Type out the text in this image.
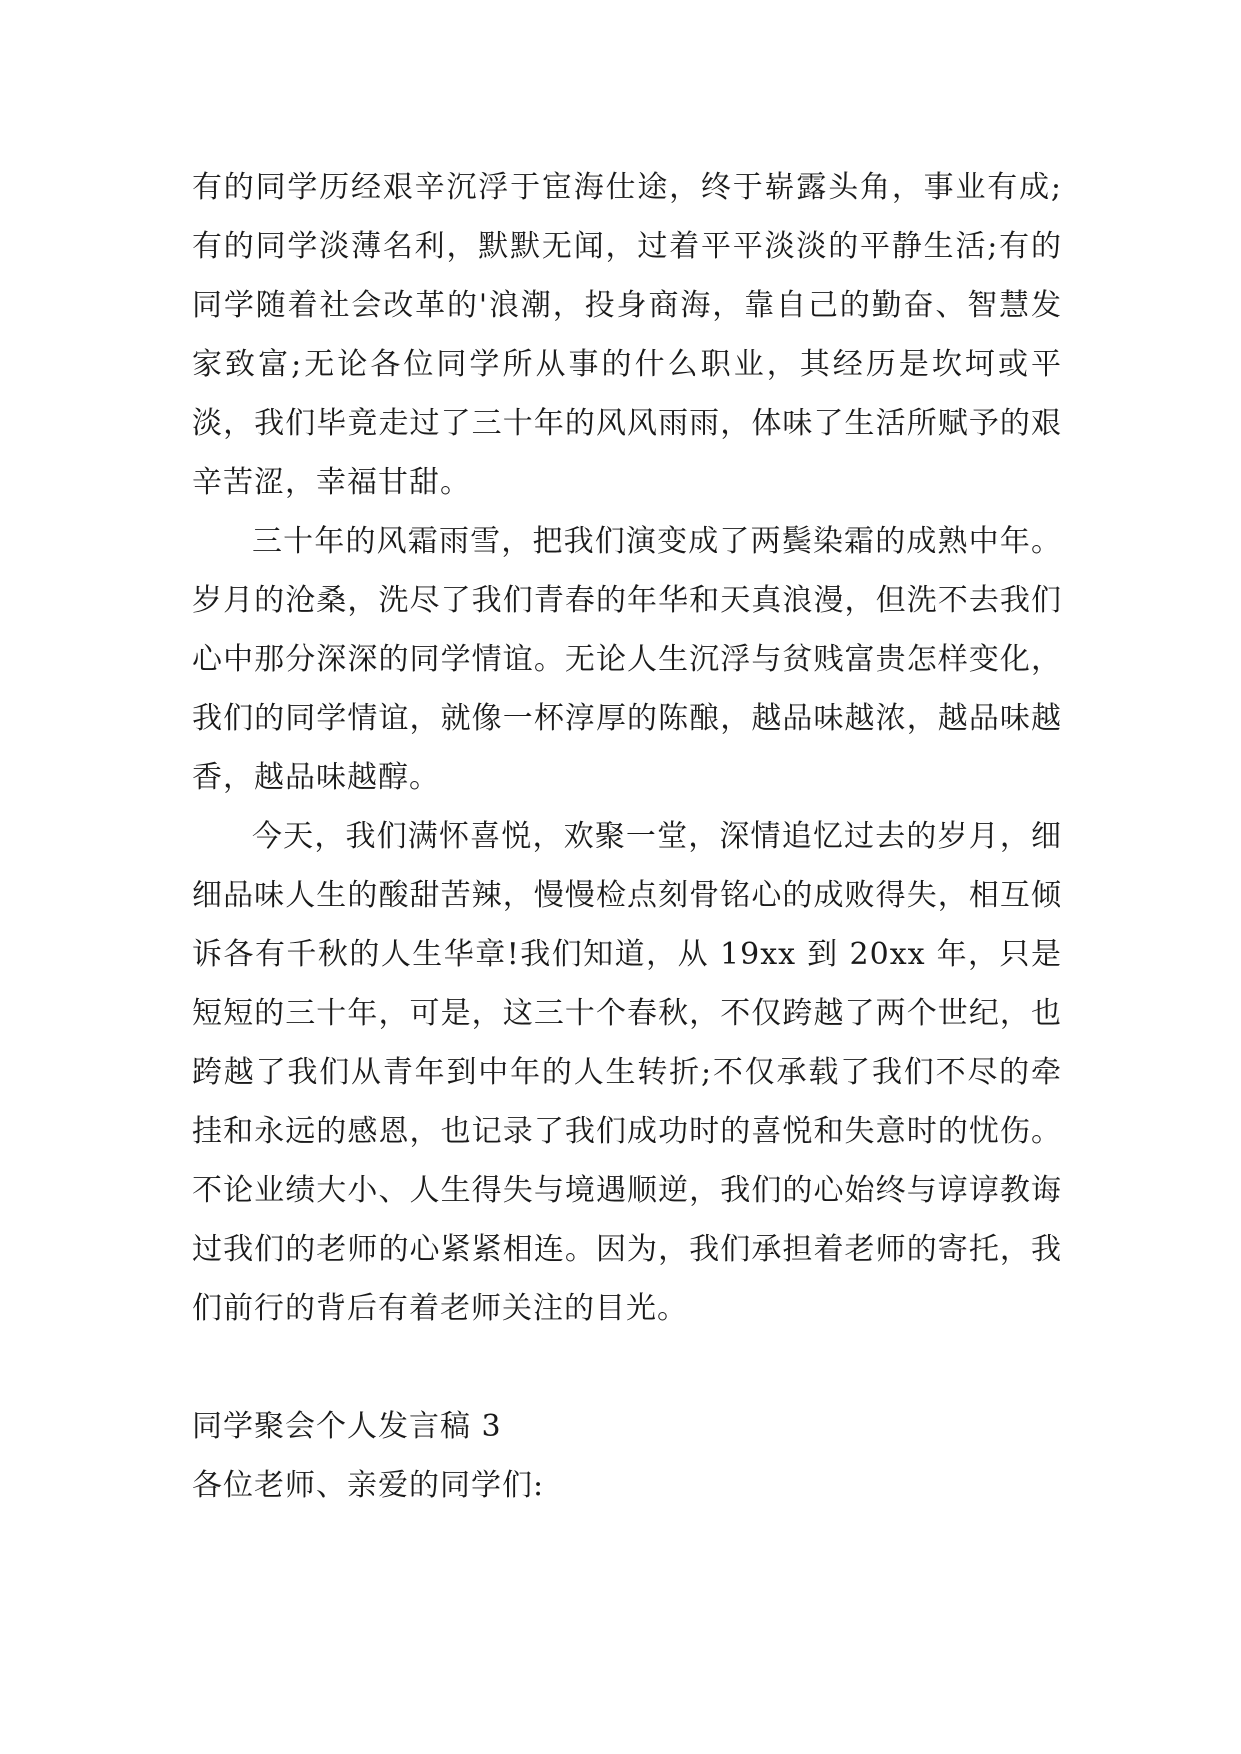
有的同学历经艰辛沉浮于宦海仕途，终于崭露头角，事业有成;有的同学淡薄名利，默默无闻，过着平平淡淡的平静生活;有的同学随着社会改革的'浪潮，投身商海，靠自己的勤奋、智慧发家致富;无论各位同学所从事的什么职业，其经历是坎坷或平淡，我们毕竟走过了三十年的风风雨雨，体味了生活所赋予的艰辛苦涩，幸福甘甜。

三十年的风霜雨雪，把我们演变成了两鬓染霜的成熟中年。岁月的沧桑，洗尽了我们青春的年华和天真浪漫，但洗不去我们心中那分深深的同学情谊。无论人生沉浮与贫贱富贵怎样变化，我们的同学情谊，就像一杯淳厚的陈酿，越品味越浓，越品味越香，越品味越醇。

今天，我们满怀喜悦，欢聚一堂，深情追忆过去的岁月，细细品味人生的酸甜苦辣，慢慢检点刻骨铭心的成败得失，相互倾诉各有千秋的人生华章!我们知道，从 19xx 到 20xx 年，只是短短的三十年，可是，这三十个春秋，不仅跨越了两个世纪，也跨越了我们从青年到中年的人生转折;不仅承载了我们不尽的牵挂和永远的感恩，也记录了我们成功时的喜悦和失意时的忧伤。不论业绩大小、人生得失与境遇顺逆，我们的心始终与谆谆教诲过我们的老师的心紧紧相连。因为，我们承担着老师的寄托，我们前行的背后有着老师关注的目光。

同学聚会个人发言稿 3

各位老师、亲爱的同学们:
